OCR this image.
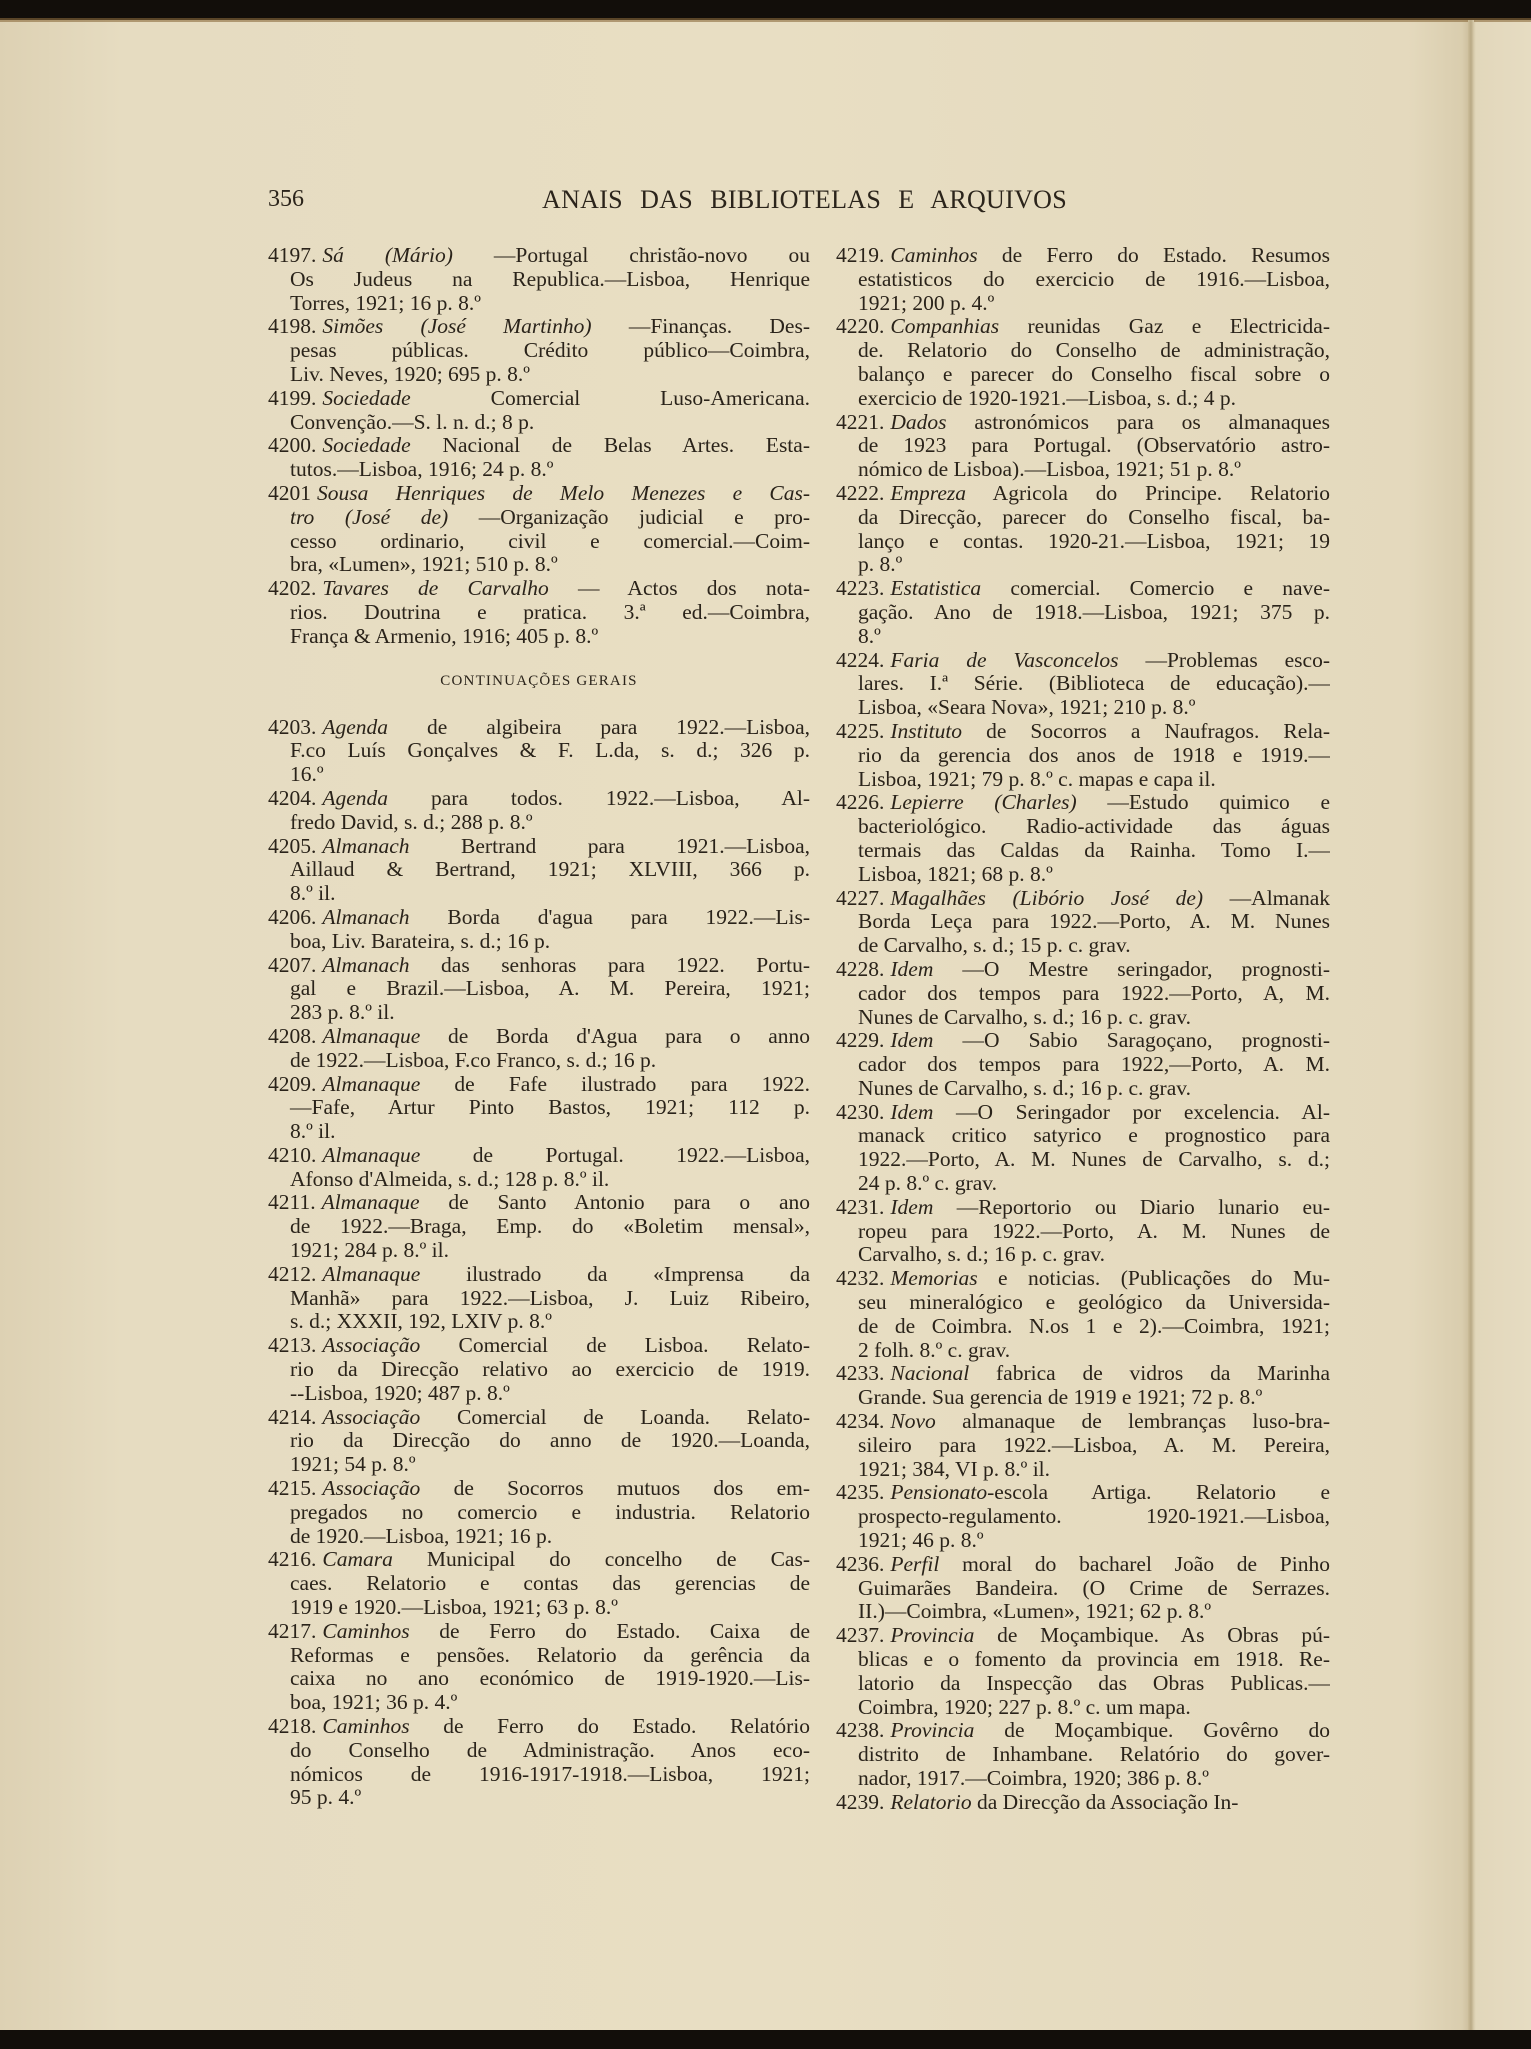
356	ANAIS DAS BIBLIOTELAS E ARQUIVOS
4197. Sá (Mário) —Portugal christão-novo ou
Os Judeus na Republica.—Lisboa, Henrique
Torres, 1921; 16 p. 8.º
4198. Simões (José Martinho) —Finanças. Des-
pesas públicas. Crédito público—Coimbra,
Liv. Neves, 1920; 695 p. 8.º
4199. Sociedade Comercial Luso-Americana.
Convenção.—S. l. n. d.; 8 p.
4200. Sociedade Nacional de Belas Artes. Esta-
tutos.—Lisboa, 1916; 24 p. 8.º
4201 Sousa Henriques de Melo Menezes e Cas-
tro (José de) —Organização judicial e pro-
cesso ordinario, civil e comercial.—Coim-
bra, «Lumen», 1921; 510 p. 8.º
4202. Tavares de Carvalho — Actos dos nota-
rios. Doutrina e pratica. 3.ª ed.—Coimbra,
França & Armenio, 1916; 405 p. 8.º
CONTINUAÇÕES GERAIS
4203. Agenda de algibeira para 1922.—Lisboa,
F.co Luís Gonçalves & F. L.da, s. d.; 326 p.
16.º
4204. Agenda para todos. 1922.—Lisboa, Al-
fredo David, s. d.; 288 p. 8.º
4205. Almanach Bertrand para 1921.—Lisboa,
Aillaud & Bertrand, 1921; XLVIII, 366 p.
8.º il.
4206. Almanach Borda d'agua para 1922.—Lis-
boa, Liv. Barateira, s. d.; 16 p.
4207. Almanach das senhoras para 1922. Portu-
gal e Brazil.—Lisboa, A. M. Pereira, 1921;
283 p. 8.º il.
4208. Almanaque de Borda d'Agua para o anno
de 1922.—Lisboa, F.co Franco, s. d.; 16 p.
4209. Almanaque de Fafe ilustrado para 1922.
—Fafe, Artur Pinto Bastos, 1921; 112 p.
8.º il.
4210. Almanaque de Portugal. 1922.—Lisboa,
Afonso d'Almeida, s. d.; 128 p. 8.º il.
4211. Almanaque de Santo Antonio para o ano
de 1922.—Braga, Emp. do «Boletim mensal»,
1921; 284 p. 8.º il.
4212. Almanaque ilustrado da «Imprensa da
Manhã» para 1922.—Lisboa, J. Luiz Ribeiro,
s. d.; XXXII, 192, LXIV p. 8.º
4213. Associação Comercial de Lisboa. Relato-
rio da Direcção relativo ao exercicio de 1919.
--Lisboa, 1920; 487 p. 8.º
4214. Associação Comercial de Loanda. Relato-
rio da Direcção do anno de 1920.—Loanda,
1921; 54 p. 8.º
4215. Associação de Socorros mutuos dos em-
pregados no comercio e industria. Relatorio
de 1920.—Lisboa, 1921; 16 p.
4216. Camara Municipal do concelho de Cas-
caes. Relatorio e contas das gerencias de
1919 e 1920.—Lisboa, 1921; 63 p. 8.º
4217. Caminhos de Ferro do Estado. Caixa de
Reformas e pensões. Relatorio da gerência da
caixa no ano económico de 1919-1920.—Lis-
boa, 1921; 36 p. 4.º
4218. Caminhos de Ferro do Estado. Relatório
do Conselho de Administração. Anos eco-
nómicos de 1916-1917-1918.—Lisboa, 1921;
95 p. 4.º
4219. Caminhos de Ferro do Estado. Resumos
estatisticos do exercicio de 1916.—Lisboa,
1921; 200 p. 4.º
4220. Companhias reunidas Gaz e Electricida-
de. Relatorio do Conselho de administração,
balanço e parecer do Conselho fiscal sobre o
exercicio de 1920-1921.—Lisboa, s. d.; 4 p.
4221. Dados astronómicos para os almanaques
de 1923 para Portugal. (Observatório astro-
nómico de Lisboa).—Lisboa, 1921; 51 p. 8.º
4222. Empreza Agricola do Principe. Relatorio
da Direcção, parecer do Conselho fiscal, ba-
lanço e contas. 1920-21.—Lisboa, 1921; 19
p. 8.º
4223. Estatistica comercial. Comercio e nave-
gação. Ano de 1918.—Lisboa, 1921; 375 p.
8.º
4224. Faria de Vasconcelos —Problemas esco-
lares. I.ª Série. (Biblioteca de educação).—
Lisboa, «Seara Nova», 1921; 210 p. 8.º
4225. Instituto de Socorros a Naufragos. Rela-
rio da gerencia dos anos de 1918 e 1919.—
Lisboa, 1921; 79 p. 8.º c. mapas e capa il.
4226. Lepierre (Charles) —Estudo quimico e
bacteriológico. Radio-actividade das águas
termais das Caldas da Rainha. Tomo I.—
Lisboa, 1821; 68 p. 8.º
4227. Magalhães (Libório José de) —Almanak
Borda Leça para 1922.—Porto, A. M. Nunes
de Carvalho, s. d.; 15 p. c. grav.
4228. Idem —O Mestre seringador, prognosti-
cador dos tempos para 1922.—Porto, A, M.
Nunes de Carvalho, s. d.; 16 p. c. grav.
4229. Idem —O Sabio Saragoçano, prognosti-
cador dos tempos para 1922,—Porto, A. M.
Nunes de Carvalho, s. d.; 16 p. c. grav.
4230. Idem —O Seringador por excelencia. Al-
manack critico satyrico e prognostico para
1922.—Porto, A. M. Nunes de Carvalho, s. d.;
24 p. 8.º c. grav.
4231. Idem —Reportorio ou Diario lunario eu-
ropeu para 1922.—Porto, A. M. Nunes de
Carvalho, s. d.; 16 p. c. grav.
4232. Memorias e noticias. (Publicações do Mu-
seu mineralógico e geológico da Universida-
de de Coimbra. N.os 1 e 2).—Coimbra, 1921;
2 folh. 8.º c. grav.
4233. Nacional fabrica de vidros da Marinha
Grande. Sua gerencia de 1919 e 1921; 72 p. 8.º
4234. Novo almanaque de lembranças luso-bra-
sileiro para 1922.—Lisboa, A. M. Pereira,
1921; 384, VI p. 8.º il.
4235. Pensionato-escola Artiga. Relatorio e
prospecto-regulamento. 1920-1921.—Lisboa,
1921; 46 p. 8.º
4236. Perfil moral do bacharel João de Pinho
Guimarães Bandeira. (O Crime de Serrazes.
II.)—Coimbra, «Lumen», 1921; 62 p. 8.º
4237. Provincia de Moçambique. As Obras pú-
blicas e o fomento da provincia em 1918. Re-
latorio da Inspecção das Obras Publicas.—
Coimbra, 1920; 227 p. 8.º c. um mapa.
4238. Provincia de Moçambique. Govêrno do
distrito de Inhambane. Relatório do gover-
nador, 1917.—Coimbra, 1920; 386 p. 8.º
4239. Relatorio da Direcção da Associação In-
